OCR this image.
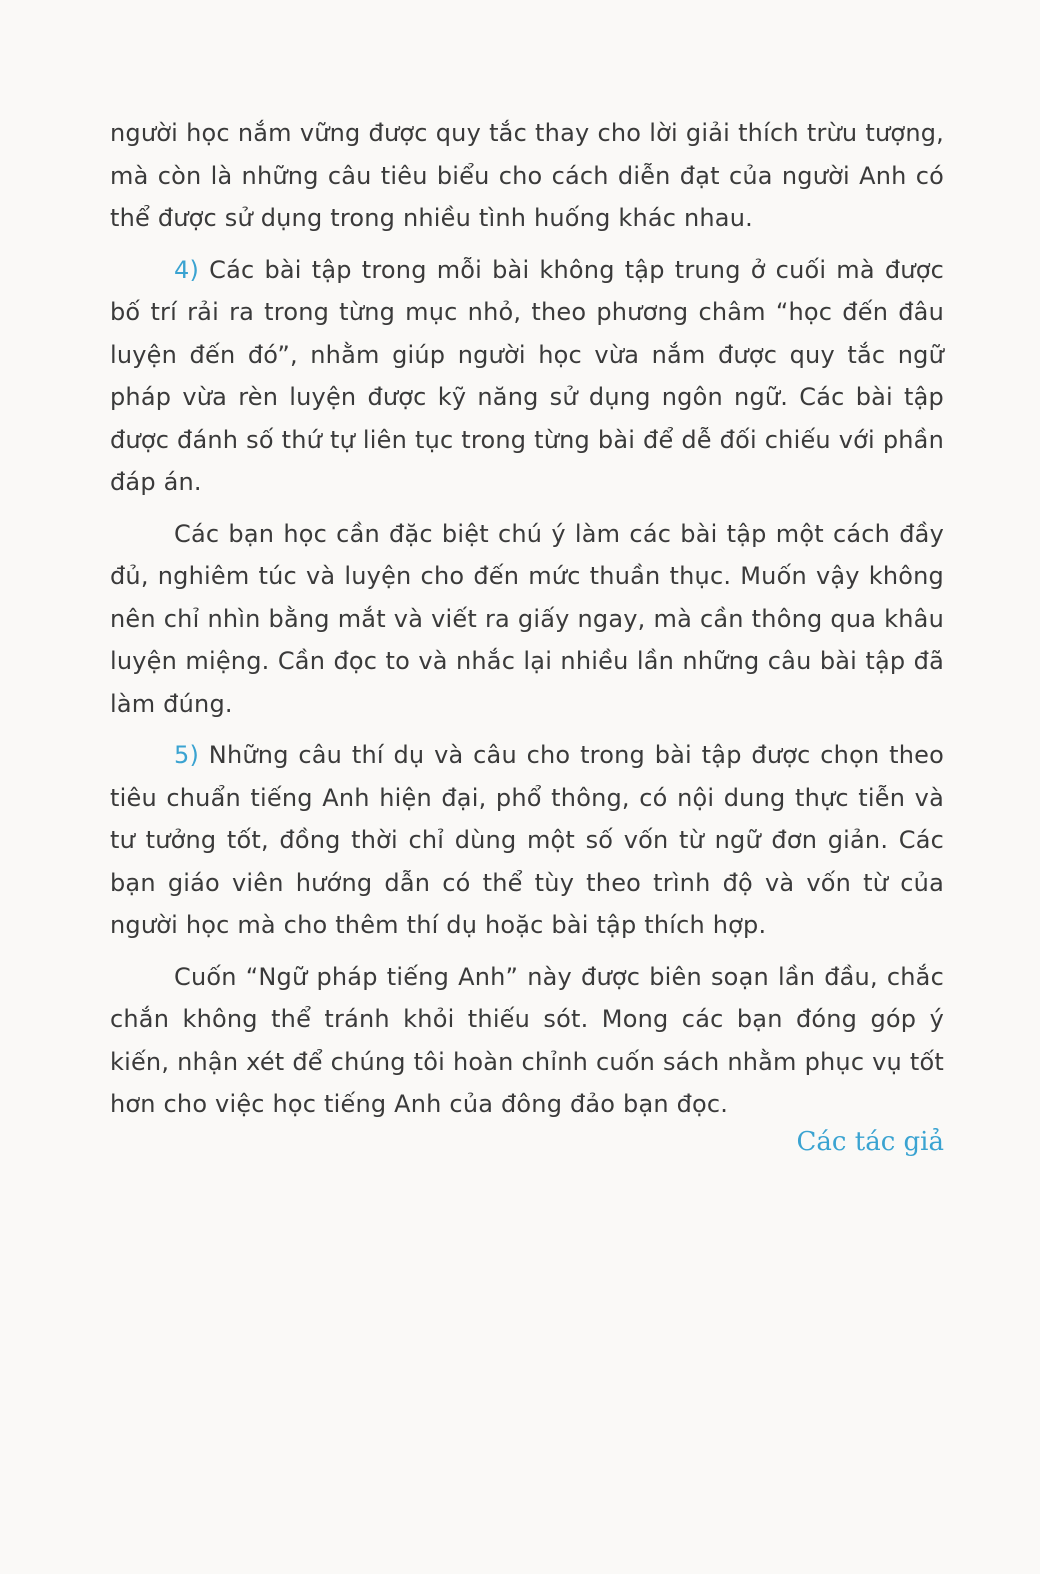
người học nắm vững được quy tắc thay cho lời giải thích trừu tượng, mà còn là những câu tiêu biểu cho cách diễn đạt của người Anh có thể được sử dụng trong nhiều tình huống khác nhau.

4) Các bài tập trong mỗi bài không tập trung ở cuối mà được bố trí rải ra trong từng mục nhỏ, theo phương châm “học đến đâu luyện đến đó”, nhằm giúp người học vừa nắm được quy tắc ngữ pháp vừa rèn luyện được kỹ năng sử dụng ngôn ngữ. Các bài tập được đánh số thứ tự liên tục trong từng bài để dễ đối chiếu với phần đáp án.

Các bạn học cần đặc biệt chú ý làm các bài tập một cách đầy đủ, nghiêm túc và luyện cho đến mức thuần thục. Muốn vậy không nên chỉ nhìn bằng mắt và viết ra giấy ngay, mà cần thông qua khâu luyện miệng. Cần đọc to và nhắc lại nhiều lần những câu bài tập đã làm đúng.

5) Những câu thí dụ và câu cho trong bài tập được chọn theo tiêu chuẩn tiếng Anh hiện đại, phổ thông, có nội dung thực tiễn và tư tưởng tốt, đồng thời chỉ dùng một số vốn từ ngữ đơn giản. Các bạn giáo viên hướng dẫn có thể tùy theo trình độ và vốn từ của người học mà cho thêm thí dụ hoặc bài tập thích hợp.

Cuốn “Ngữ pháp tiếng Anh” này được biên soạn lần đầu, chắc chắn không thể tránh khỏi thiếu sót. Mong các bạn đóng góp ý kiến, nhận xét để chúng tôi hoàn chỉnh cuốn sách nhằm phục vụ tốt hơn cho việc học tiếng Anh của đông đảo bạn đọc.

Các tác giả
